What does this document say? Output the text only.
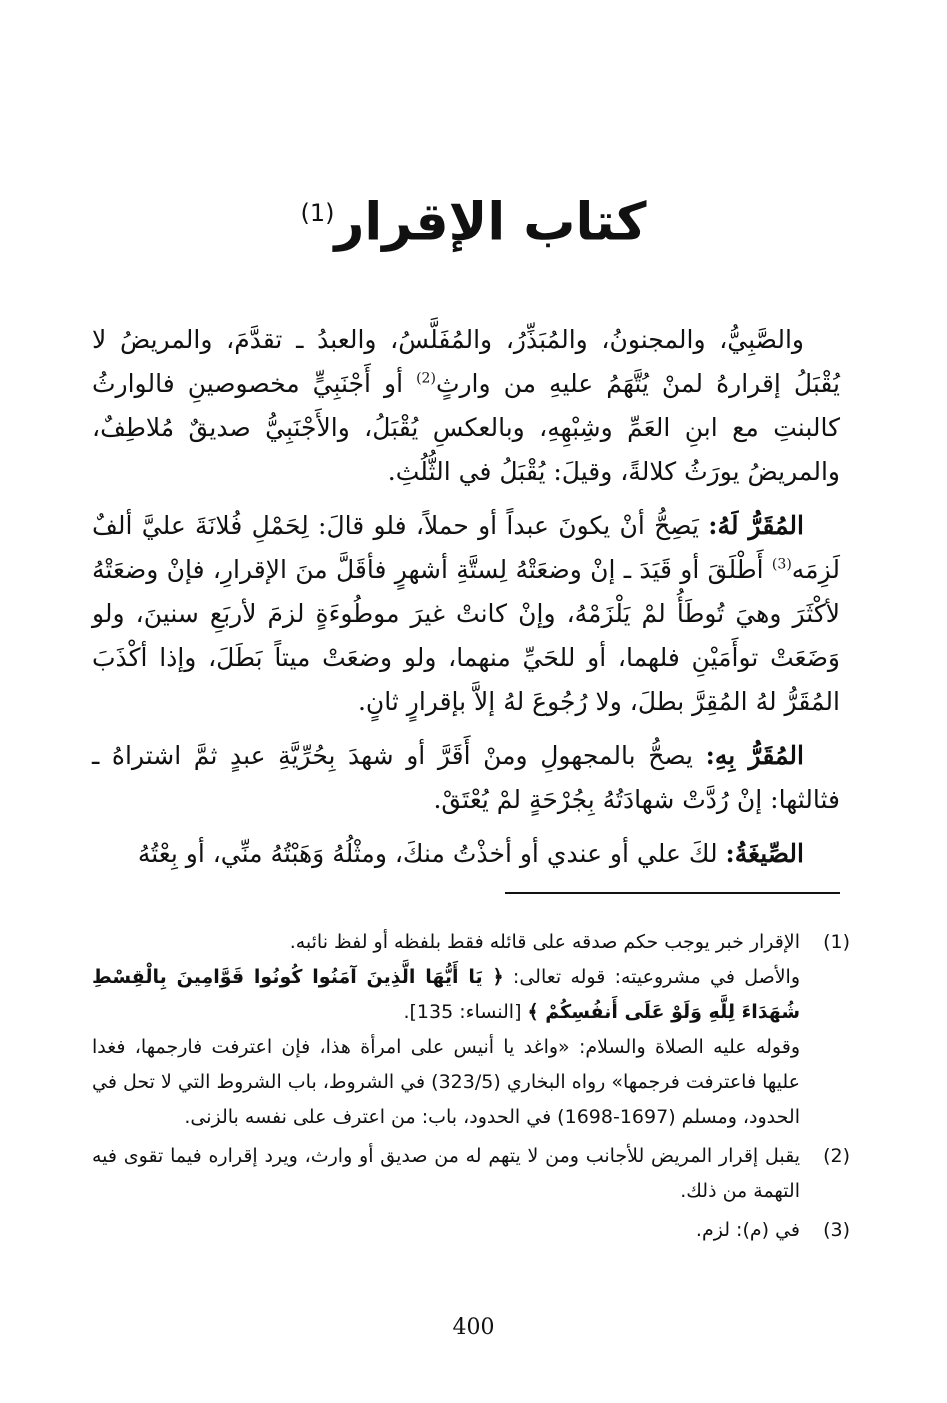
كتاب الإقرار$^{(1)}$

والصَّبِيُّ، والمجنونُ، والمُبَذِّرُ، والمُفَلَّسُ، والعبدُ ـ تقدَّمَ، والمريضُ لا يُقْبَلُ إقرارهُ لمنْ يُتَّهَمُ عليهِ من وارثٍ$^{(2)}$ أو أَجْنَبِيٍّ مخصوصينِ فالوارثُ كالبنتِ مع ابنِ العَمِّ وشِبْهِهِ، وبالعكسِ يُقْبَلُ، والأَجْنَبِيُّ صديقٌ مُلاطِفٌ، والمريضُ يورَثُ كلالةً، وقيلَ: يُقْبَلُ في الثُّلُثِ.

المُقَرُّ لَهُ: يَصِحُّ أنْ يكونَ عبداً أو حملاً، فلو قالَ: لِحَمْلِ فُلانَةَ عليَّ ألفٌ لَزِمَه$^{(3)}$ أَطْلَقَ أو قَيَدَ ـ إنْ وضعَتْهُ لِستَّةِ أشهرٍ فأقَلَّ منَ الإقرارِ، فإنْ وضعَتْهُ لأكْثَرَ وهيَ تُوطَأُ لمْ يَلْزَمْهُ، وإنْ كانتْ غيرَ موطُوءَةٍ لزمَ لأربَعِ سنينَ، ولو وَضَعَتْ توأَمَيْنِ فلهما، أو للحَيِّ منهما، ولو وضعَتْ ميتاً بَطَلَ، وإذا أكْذَبَ المُقَرُّ لهُ المُقِرَّ بطلَ، ولا رُجُوعَ لهُ إلاَّ بإقرارٍ ثانٍ.

المُقَرُّ بِهِ: يصحُّ بالمجهولِ ومنْ أَقَرَّ أو شهدَ بِحُرِّيَّةِ عبدٍ ثمَّ اشتراهُ ـ فثالثها: إنْ رُدَّتْ شهادَتُهُ بِجُرْحَةٍ لمْ يُعْتَقْ.

الصِّيغَةُ: لكَ علي أو عندي أو أخذْتُ منكَ، ومثْلُهُ وَهَبْتُهُ منِّي، أو بِعْتُهُ

(1)

الإقرار خبر يوجب حكم صدقه على قائله فقط بلفظه أو لفظ نائبه.

والأصل في مشروعيته: قوله تعالى: ﴿ يَا أَيُّهَا الَّذِينَ آمَنُوا كُونُوا قَوَّامِينَ بِالْقِسْطِ شُهَدَاءَ لِلَّهِ وَلَوْ عَلَى أَنفُسِكُمْ ﴾ [النساء: 135].

وقوله عليه الصلاة والسلام: «واغد يا أنيس على امرأة هذا، فإن اعترفت فارجمها، فغدا عليها فاعترفت فرجمها» رواه البخاري (323/5) في الشروط، باب الشروط التي لا تحل في الحدود، ومسلم (1697-1698) في الحدود، باب: من اعترف على نفسه بالزنى.

(2)

يقبل إقرار المريض للأجانب ومن لا يتهم له من صديق أو وارث، ويرد إقراره فيما تقوى فيه التهمة من ذلك.

(3)

في (م): لزم.

400
